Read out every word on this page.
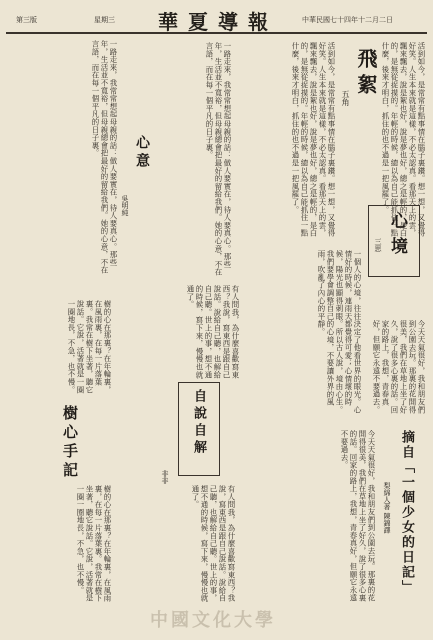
第三版	星期三 華夏導報	中華民國七十四年十二月二日
飛絮
五角
活到如今，是常常有點事情在腦子裏鑽。想一想，又覺得好笑。人生本來就是這樣，不必太認真。看那天上的雲，飄來飄去，說是絮也好，說是夢也好，總之是輕的，是白的，是無從捉摸的。年輕的時候，總以為自己能抓住一點什麼，後來才明白，抓住的也不過是一把風罷了。	活到如今，是常常有點事情在腦子裏鑽。想一想，又覺得好笑。人生本來就是這樣，不必太認真。看那天上的雲，飄來飄去，說是絮也好，說是夢也好，總之是輕的，是白的，是無從捉摸的。年輕的時候，總以為自己能抓住一點什麼，後來才明白，抓住的也不過是一把風罷了。
心境
三思
一個人的心境，往往決定了他看世界的眼光。心情好的時候，連雨天都覺得可愛；心情壞的時候，陽光也顯得刺眼。所以古人說，境由心生。我們要學會調整自己的心境，不要讓外界的風雨，吹亂了內心的平靜。
心意
吳明純
一路走來，我常常想起母親的話：做人要實在，待人要真心。那些年，生活並不寬裕，但母親總會把最好的留給我們。她的心意，不在言語，而在每一個平凡的日子裏。	一路走來，我常常想起母親的話：做人要實在，待人要真心。那些年，生活並不寬裕，但母親總會把最好的留給我們。她的心意，不在言語，而在每一個平凡的日子裏。
自說自解
非非
有人問我，為什麼喜歡寫東西？我說，寫東西是跟自己說話。說給自己聽，也解給自己聽。世上的事，想不通的時候，寫下來，慢慢也就通了。
有人問我，為什麼喜歡寫東西？我說，寫東西是跟自己說話。說給自己聽，也解給自己聽。世上的事，想不通的時候，寫下來，慢慢也就通了。
樹心手記
樹的心在那裏？在年輪裏，在風雨裏，在每一片落葉裏。我常在樹下坐著，聽它說話。它說，活著就是一圈一圈地長，不急，也不慢。
樹的心在那裏？在年輪裏，在風雨裏，在每一片落葉裏。我常在樹下坐著，聽它說話。它說，活著就是一圈一圈地長，不急，也不慢。	摘自「一個少女的日記」
梨綿人著 陳錦譯
今天天氣很好，我和朋友們到公園去玩。那裏的花開得很美，我們在草地上坐了好久，說了很多心裏的話。回家的路上，我想，青春真好，但願它永遠不要過去。
今天天氣很好，我和朋友們到公園去玩。那裏的花開得很美，我們在草地上坐了好久，說了很多心裏的話。回家的路上，我想，青春真好，但願它永遠不要過去。
中國文化大學
